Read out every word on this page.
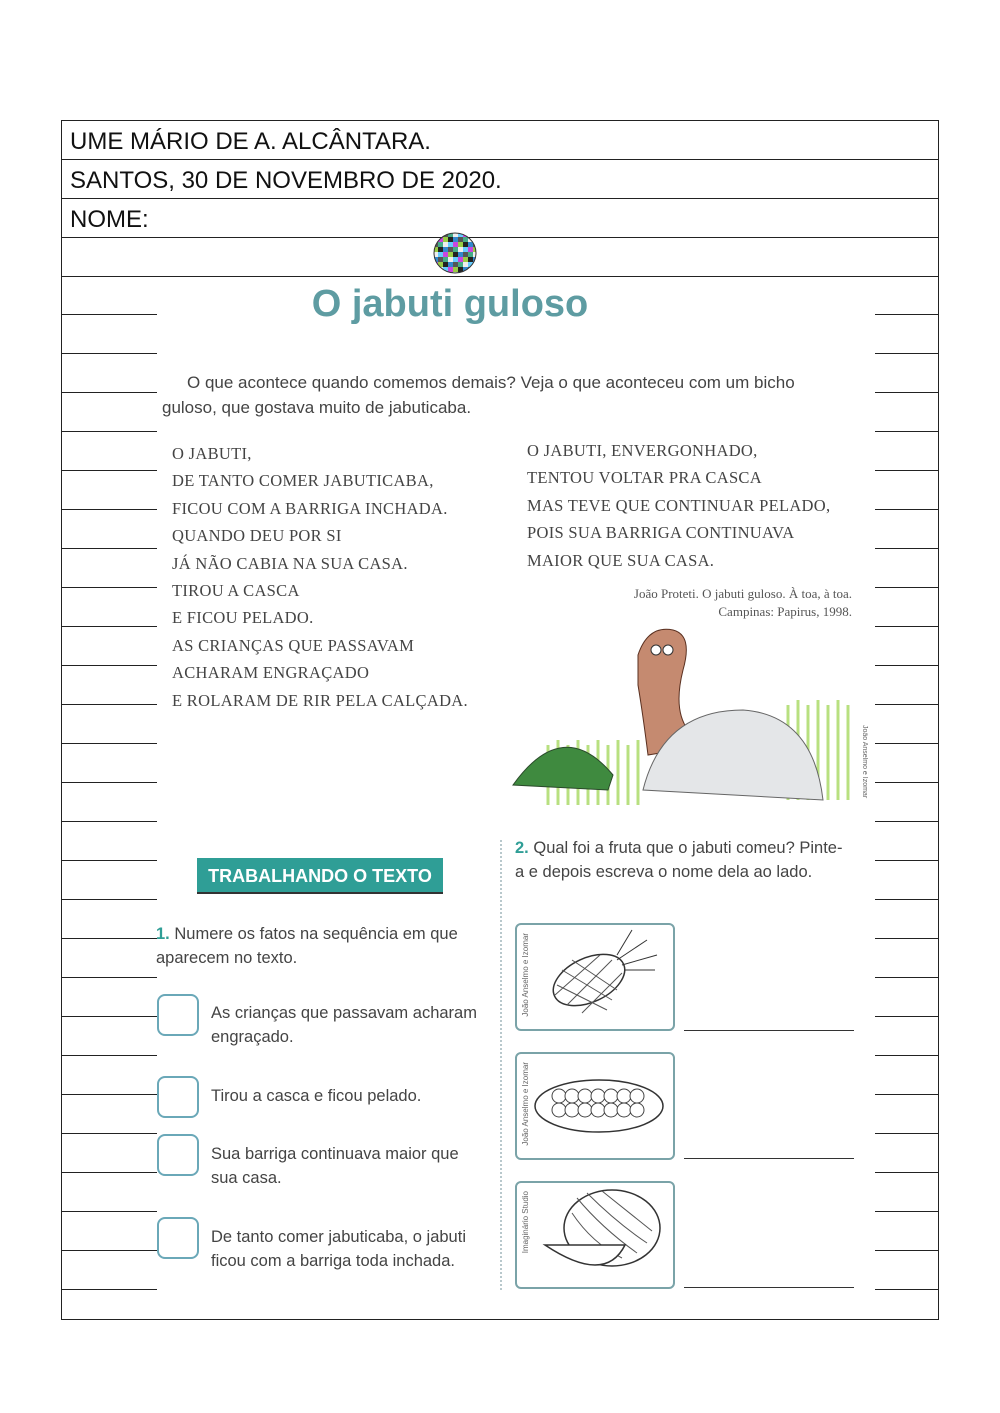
UME MÁRIO DE A. ALCÂNTARA.
SANTOS, 30 DE NOVEMBRO DE 2020.
NOME:
O jabuti guloso
O que acontece quando comemos demais? Veja o que aconteceu com um bicho guloso, que gostava muito de jabuticaba.
O JABUTI,
DE TANTO COMER JABUTICABA,
FICOU COM A BARRIGA INCHADA.
QUANDO DEU POR SI
JÁ NÃO CABIA NA SUA CASA.
TIROU A CASCA
E FICOU PELADO.
AS CRIANÇAS QUE PASSAVAM
ACHARAM ENGRAÇADO
E ROLARAM DE RIR PELA CALÇADA.
O JABUTI, ENVERGONHADO,
TENTOU VOLTAR PRA CASCA
MAS TEVE QUE CONTINUAR PELADO,
POIS SUA BARRIGA CONTINUAVA
MAIOR QUE SUA CASA.
João Proteti. O jabuti guloso. À toa, à toa.
Campinas: Papirus, 1998.
João Anselmo e Izomar
TRABALHANDO O TEXTO
1. Numere os fatos na sequência em que aparecem no texto.
As crianças que passavam acharam engraçado.
Tirou a casca e ficou pelado.
Sua barriga continuava maior que sua casa.
De tanto comer jabuticaba, o jabuti ficou com a barriga toda inchada.
2. Qual foi a fruta que o jabuti comeu? Pinte-a e depois escreva o nome dela ao lado.
João Anselmo e Izomar
João Anselmo e Izomar
Imaginário Studio
